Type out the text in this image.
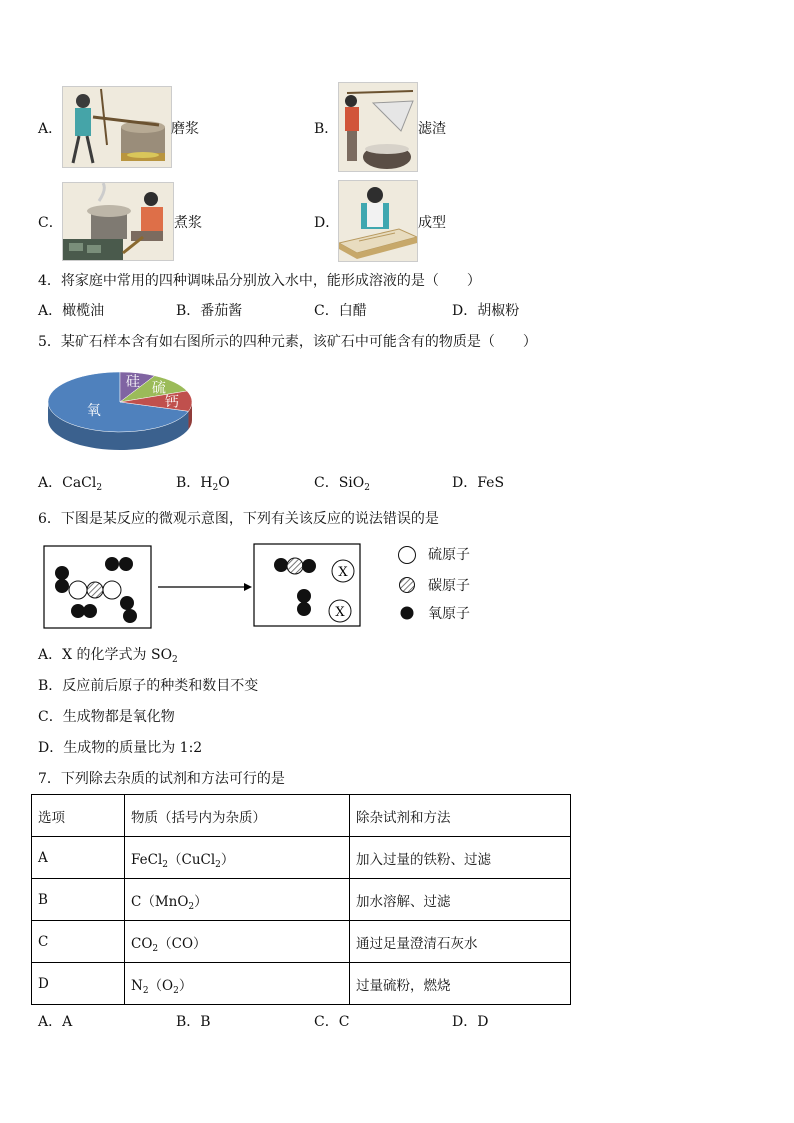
A．	磨浆	B．	滤渣
C．	煮浆	D．	成型
4．将家庭中常用的四种调味品分别放入水中，能形成溶液的是（　　）
A．橄榄油	B．番茄酱	C．白醋	D．胡椒粉
5．某矿石样本含有如右图所示的四种元素，该矿石中可能含有的物质是（　　）
氧
硅 硫
钙
A．CaCl$_2$	B．$H_2O$	C．SiO$_2$	D．FeS
6．下图是某反应的微观示意图，下列有关该反应的说法错误的是
X
X
硫原子
碳原子
氧原子
A．X 的化学式为 $SO_2$
B．反应前后原子的种类和数目不变
C．生成物都是氧化物
D．生成物的质量比为 1:2
7．下列除去杂质的试剂和方法可行的是
选项	物质（括号内为杂质）	除杂试剂和方法
A	FeCl$_2$（CuCl$_2$）	加入过量的铁粉、过滤
B	C（MnO$_2$）	加水溶解、过滤
C	$CO_2(CO)$	通过足量澄清石灰水
D	$N_2(O_2)$	过量硫粉，燃烧
A．A	B．B	C．C	D．D
